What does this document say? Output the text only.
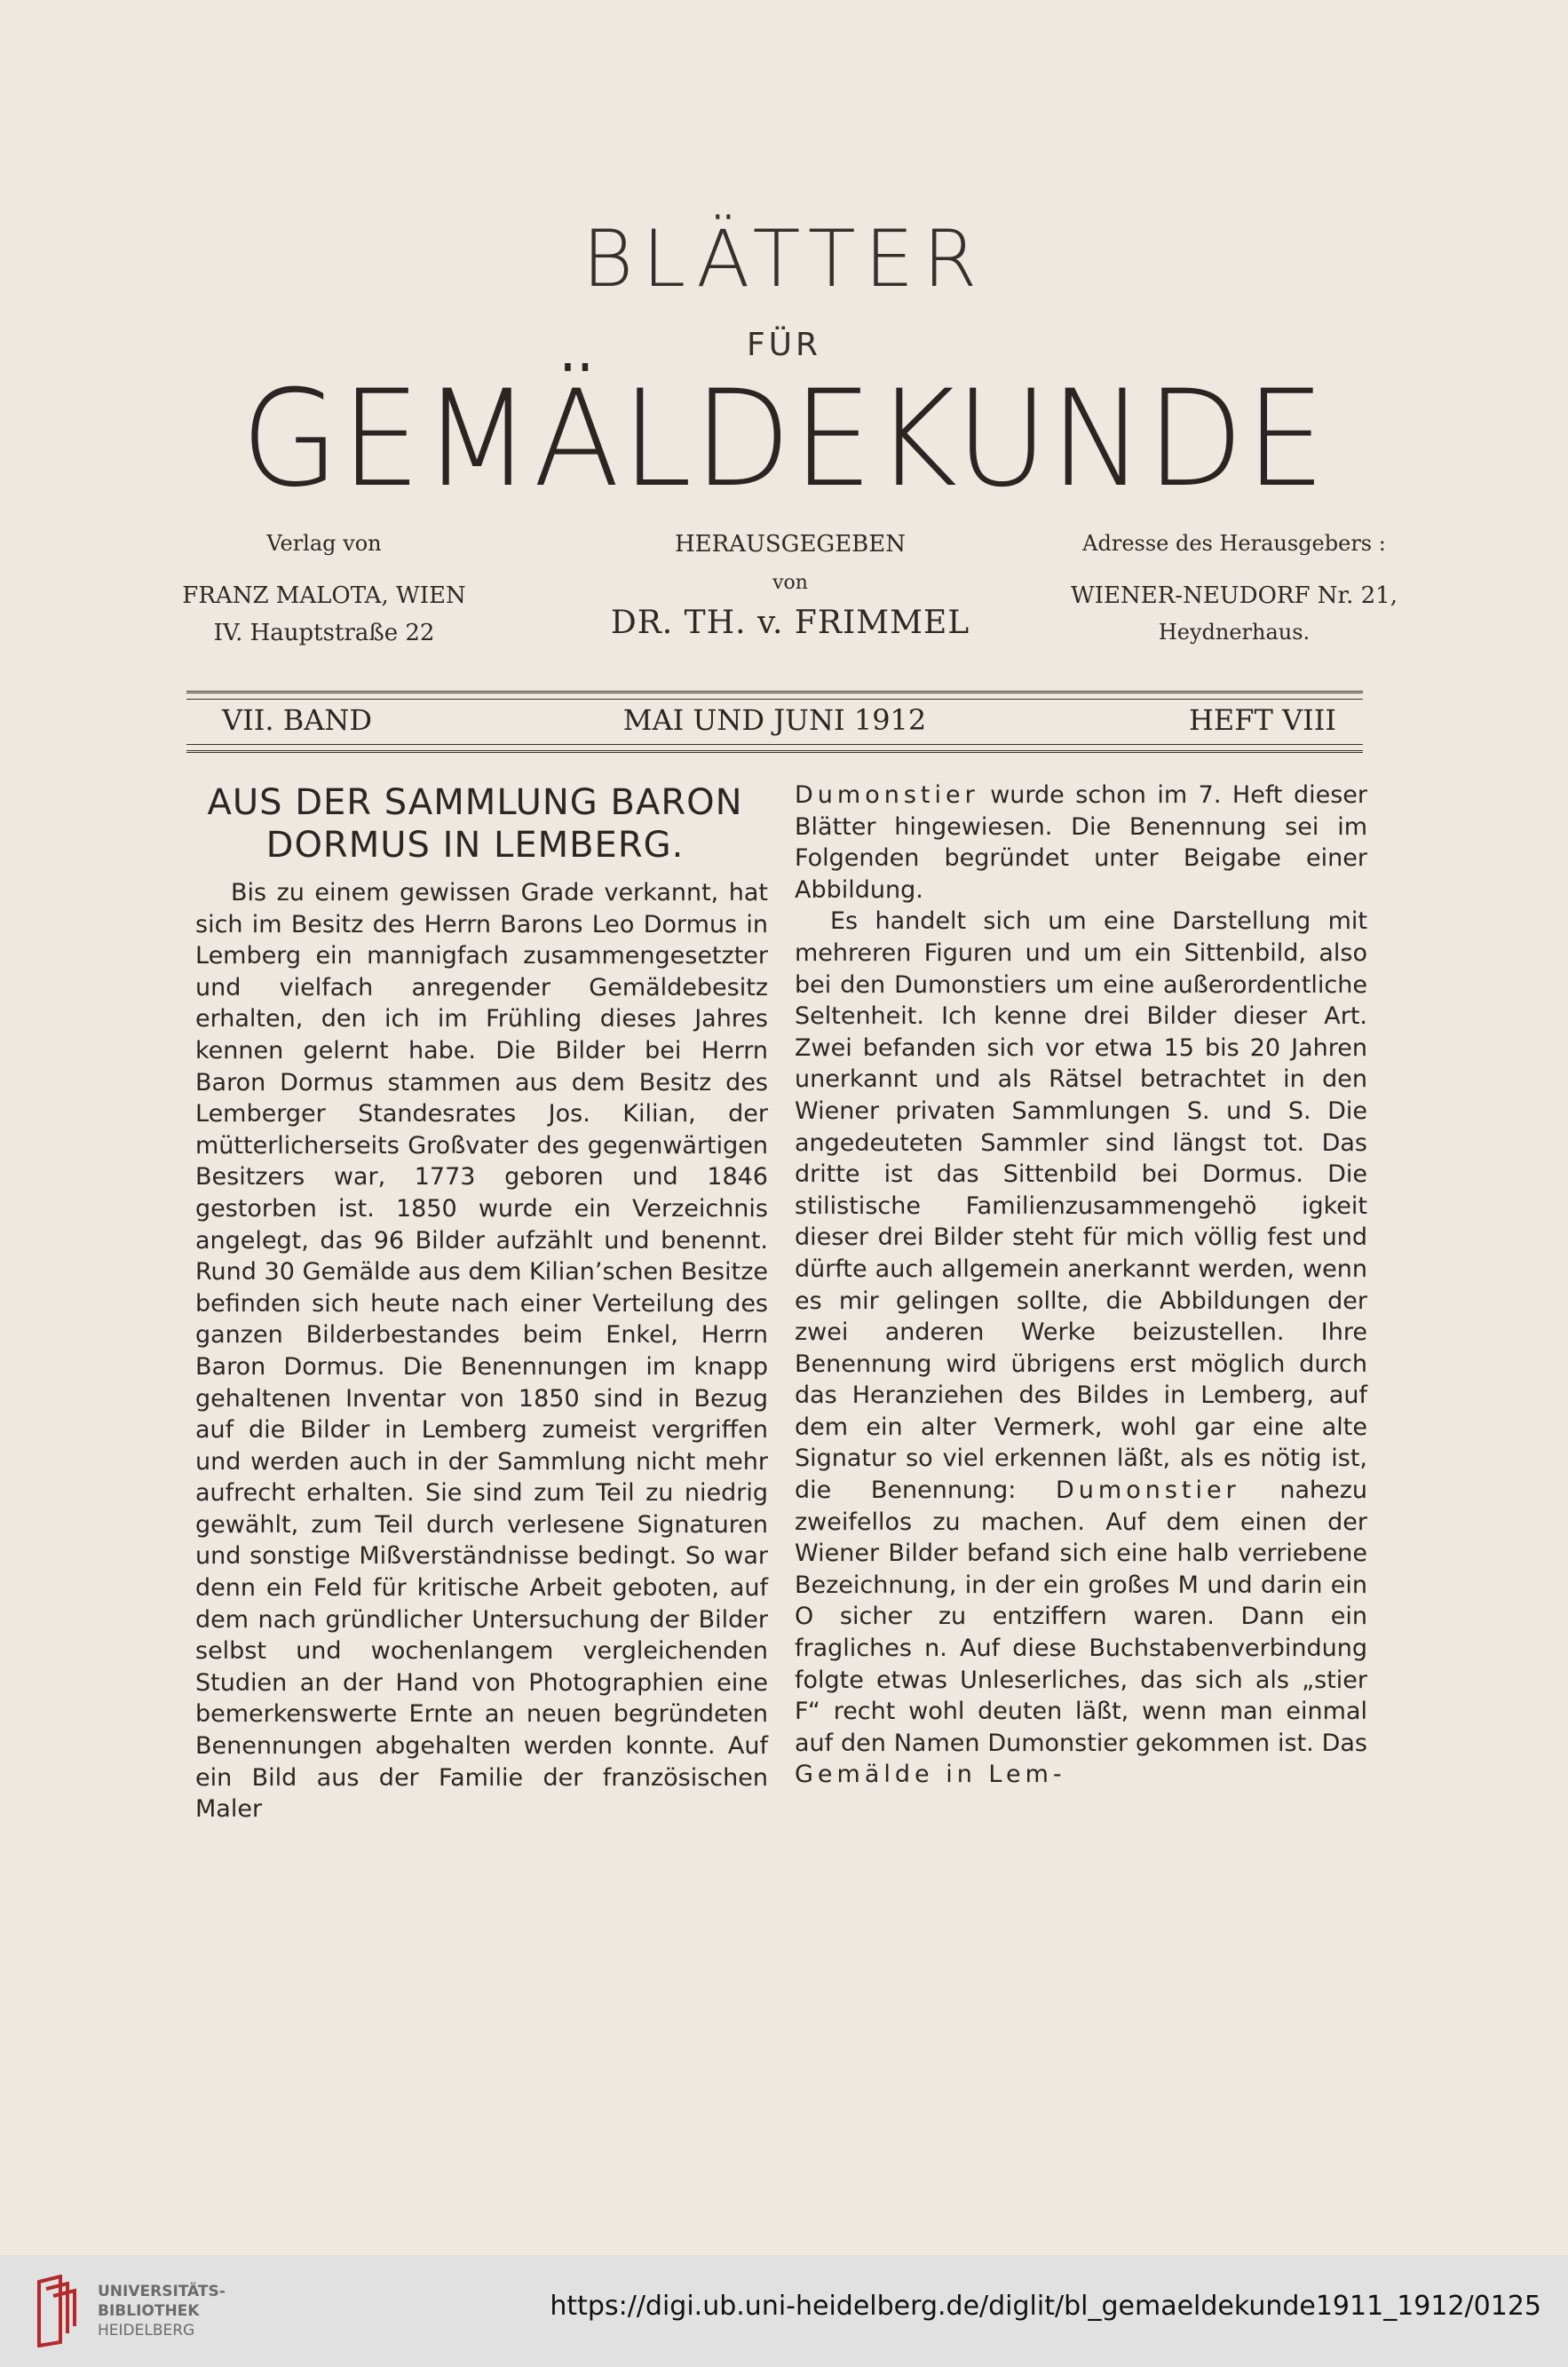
BLÄTTER
FÜR
GEMÄLDEKUNDE
Verlag von
FRANZ MALOTA, WIEN
IV. Hauptstraße 22
HERAUSGEGEBEN
von
DR. TH. v. FRIMMEL
Adresse des Herausgebers :
WIENER-NEUDORF Nr. 21,
Heydnerhaus.
VII. BAND	MAI UND JUNI 1912	HEFT VIII
AUS DER SAMMLUNG BARON DORMUS IN LEMBERG.

Bis zu einem gewissen Grade verkannt, hat sich im Besitz des Herrn Barons Leo Dormus in Lemberg ein mannigfach zusammengesetzter und vielfach anregender Gemäldebesitz erhalten, den ich im Frühling dieses Jahres kennen gelernt habe. Die Bilder bei Herrn Baron Dormus stammen aus dem Besitz des Lemberger Standesrates Jos. Kilian, der mütterlicherseits Großvater des gegenwärtigen Besitzers war, 1773 geboren und 1846 gestorben ist. 1850 wurde ein Verzeichnis angelegt, das 96 Bilder aufzählt und benennt. Rund 30 Gemälde aus dem Kilian’schen Besitze befinden sich heute nach einer Verteilung des ganzen Bilderbestandes beim Enkel, Herrn Baron Dormus. Die Benennungen im knapp gehaltenen Inventar von 1850 sind in Bezug auf die Bilder in Lemberg zumeist vergriffen und werden auch in der Sammlung nicht mehr aufrecht erhalten. Sie sind zum Teil zu niedrig gewählt, zum Teil durch verlesene Signaturen und sonstige Mißverständnisse bedingt. So war denn ein Feld für kritische Arbeit geboten, auf dem nach gründlicher Untersuchung der Bilder selbst und wochenlangem vergleichenden Studien an der Hand von Photographien eine bemerkenswerte Ernte an neuen begründeten Benennungen abgehalten werden konnte. Auf ein Bild aus der Familie der französischen Maler

Dumonstier wurde schon im 7. Heft dieser Blätter hingewiesen. Die Benennung sei im Folgenden begründet unter Beigabe einer Abbildung.

Es handelt sich um eine Darstellung mit mehreren Figuren und um ein Sittenbild, also bei den Dumonstiers um eine außerordentliche Seltenheit. Ich kenne drei Bilder dieser Art. Zwei befanden sich vor etwa 15 bis 20 Jahren unerkannt und als Rätsel betrachtet in den Wiener privaten Sammlungen S. und S. Die angedeuteten Sammler sind längst tot. Das dritte ist das Sittenbild bei Dormus. Die stilistische Familienzusammengehö igkeit dieser drei Bilder steht für mich völlig fest und dürfte auch allgemein anerkannt werden, wenn es mir gelingen sollte, die Abbildungen der zwei anderen Werke beizustellen. Ihre Benennung wird übrigens erst möglich durch das Heranziehen des Bildes in Lemberg, auf dem ein alter Vermerk, wohl gar eine alte Signatur so viel erkennen läßt, als es nötig ist, die Benennung: Dumonstier nahezu zweifellos zu machen. Auf dem einen der Wiener Bilder befand sich eine halb verriebene Bezeichnung, in der ein großes M und darin ein O sicher zu entziffern waren. Dann ein fragliches n. Auf diese Buchstabenverbindung folgte etwas Unleserliches, das sich als „stier F“ recht wohl deuten läßt, wenn man einmal auf den Namen Dumonstier gekommen ist. Das Gemälde in Lem-

UNIVERSITÄTS-
BIBLIOTHEK
HEIDELBERG
https://digi.ub.uni-heidelberg.de/diglit/bl_gemaeldekunde1911_1912/0125
